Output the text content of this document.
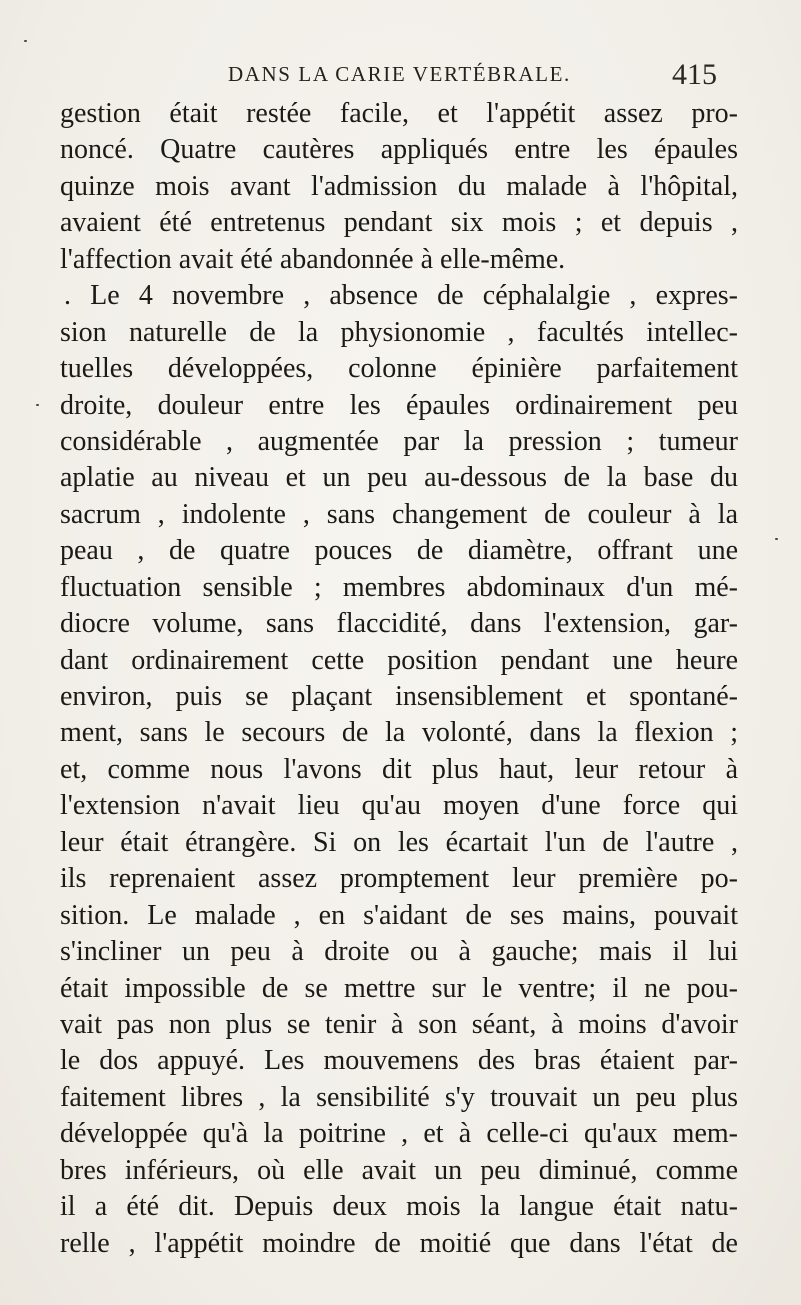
DANS LA CARIE VERTÉBRALE.	415
gestion était restée facile, et l'appétit assez pro-
noncé. Quatre cautères appliqués entre les épaules
quinze mois avant l'admission du malade à l'hôpital,
avaient été entretenus pendant six mois ; et depuis ,
l'affection avait été abandonnée à elle-même.
. Le 4 novembre , absence de céphalalgie , expres-
sion naturelle de la physionomie , facultés intellec-
tuelles développées, colonne épinière parfaitement
droite, douleur entre les épaules ordinairement peu
considérable , augmentée par la pression ; tumeur
aplatie au niveau et un peu au-dessous de la base du
sacrum , indolente , sans changement de couleur à la
peau , de quatre pouces de diamètre, offrant une
fluctuation sensible ; membres abdominaux d'un mé-
diocre volume, sans flaccidité, dans l'extension, gar-
dant ordinairement cette position pendant une heure
environ, puis se plaçant insensiblement et spontané-
ment, sans le secours de la volonté, dans la flexion ;
et, comme nous l'avons dit plus haut, leur retour à
l'extension n'avait lieu qu'au moyen d'une force qui
leur était étrangère. Si on les écartait l'un de l'autre ,
ils reprenaient assez promptement leur première po-
sition. Le malade , en s'aidant de ses mains, pouvait
s'incliner un peu à droite ou à gauche; mais il lui
était impossible de se mettre sur le ventre; il ne pou-
vait pas non plus se tenir à son séant, à moins d'avoir
le dos appuyé. Les mouvemens des bras étaient par-
faitement libres , la sensibilité s'y trouvait un peu plus
développée qu'à la poitrine , et à celle-ci qu'aux mem-
bres inférieurs, où elle avait un peu diminué, comme
il a été dit. Depuis deux mois la langue était natu-
relle , l'appétit moindre de moitié que dans l'état de
